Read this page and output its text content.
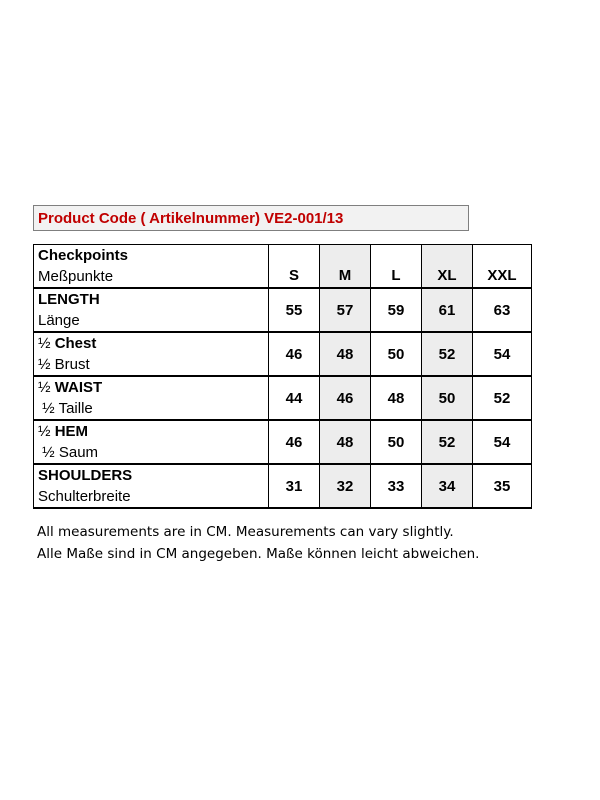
Product Code ( Artikelnummer) VE2-001/13
Checkpoints
Meßpunkte	S	M	L	XL	XXL

LENGTH
Länge	55	57	59	61	63

½ Chest
½ Brust	46	48	50	52	54

½ WAIST
½ Taille	44	46	48	50	52

½ HEM
½ Saum	46	48	50	52	54

SHOULDERS
Schulterbreite	31	32	33	34	35
All measurements are in CM. Measurements can vary slightly.
Alle Maße sind in CM angegeben. Maße können leicht abweichen.
